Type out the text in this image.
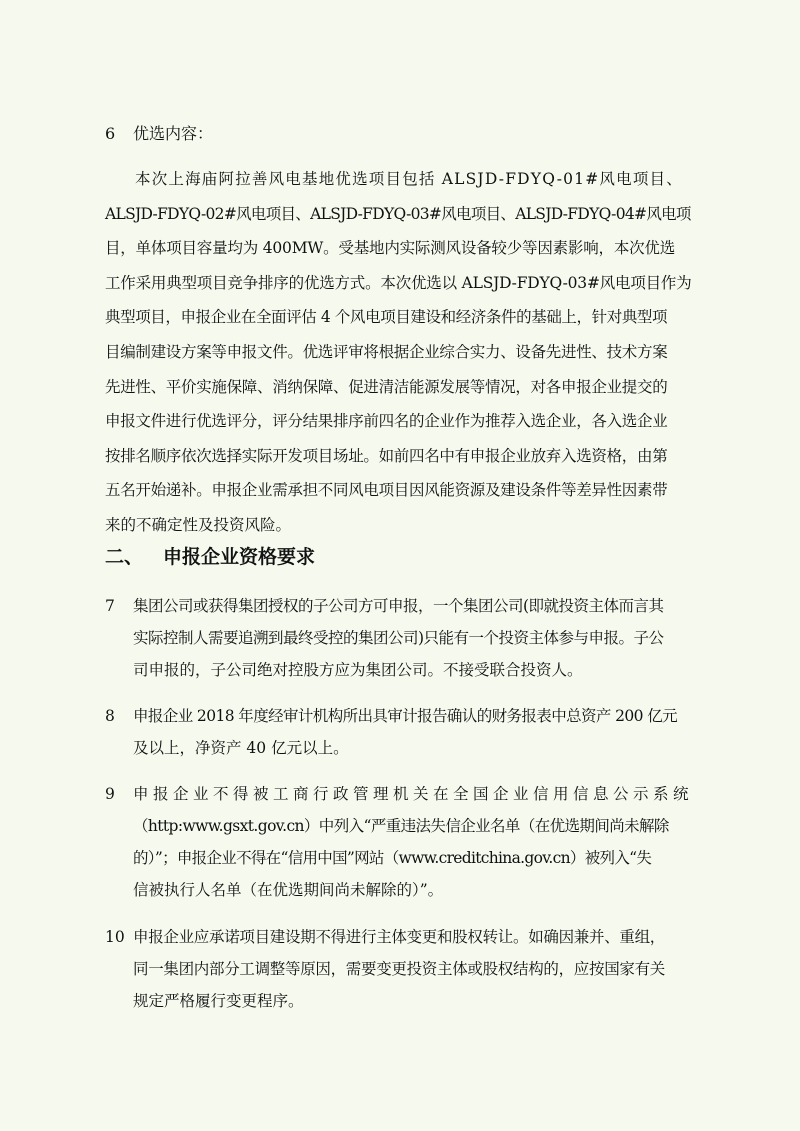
6 优选内容：
本次上海庙阿拉善风电基地优选项目包括 ALSJD-FDYQ-01#风电项目、
ALSJD-FDYQ-02#风电项目、ALSJD-FDYQ-03#风电项目、ALSJD-FDYQ-04#风电项
目，单体项目容量均为 400MW。受基地内实际测风设备较少等因素影响，本次优选
工作采用典型项目竞争排序的优选方式。本次优选以 ALSJD-FDYQ-03#风电项目作为
典型项目，申报企业在全面评估 4 个风电项目建设和经济条件的基础上，针对典型项
目编制建设方案等申报文件。优选评审将根据企业综合实力、设备先进性、技术方案
先进性、平价实施保障、消纳保障、促进清洁能源发展等情况，对各申报企业提交的
申报文件进行优选评分，评分结果排序前四名的企业作为推荐入选企业，各入选企业
按排名顺序依次选择实际开发项目场址。如前四名中有申报企业放弃入选资格，由第
五名开始递补。申报企业需承担不同风电项目因风能资源及建设条件等差异性因素带
来的不确定性及投资风险。
二、 申报企业资格要求
7	集团公司或获得集团授权的子公司方可申报，一个集团公司(即就投资主体而言其
实际控制人需要追溯到最终受控的集团公司)只能有一个投资主体参与申报。子公
司申报的，子公司绝对控股方应为集团公司。不接受联合投资人。
8	申报企业 2018 年度经审计机构所出具审计报告确认的财务报表中总资产 200 亿元
及以上，净资产 40 亿元以上。
9	申报企业不得被工商行政管理机关在全国企业信用信息公示系统
（http:www.gsxt.gov.cn）中列入“严重违法失信企业名单（在优选期间尚未解除
的）”；申报企业不得在“信用中国”网站（www.creditchina.gov.cn）被列入“失
信被执行人名单（在优选期间尚未解除的）”。
10 申报企业应承诺项目建设期不得进行主体变更和股权转让。如确因兼并、重组，
同一集团内部分工调整等原因，需要变更投资主体或股权结构的，应按国家有关
规定严格履行变更程序。
